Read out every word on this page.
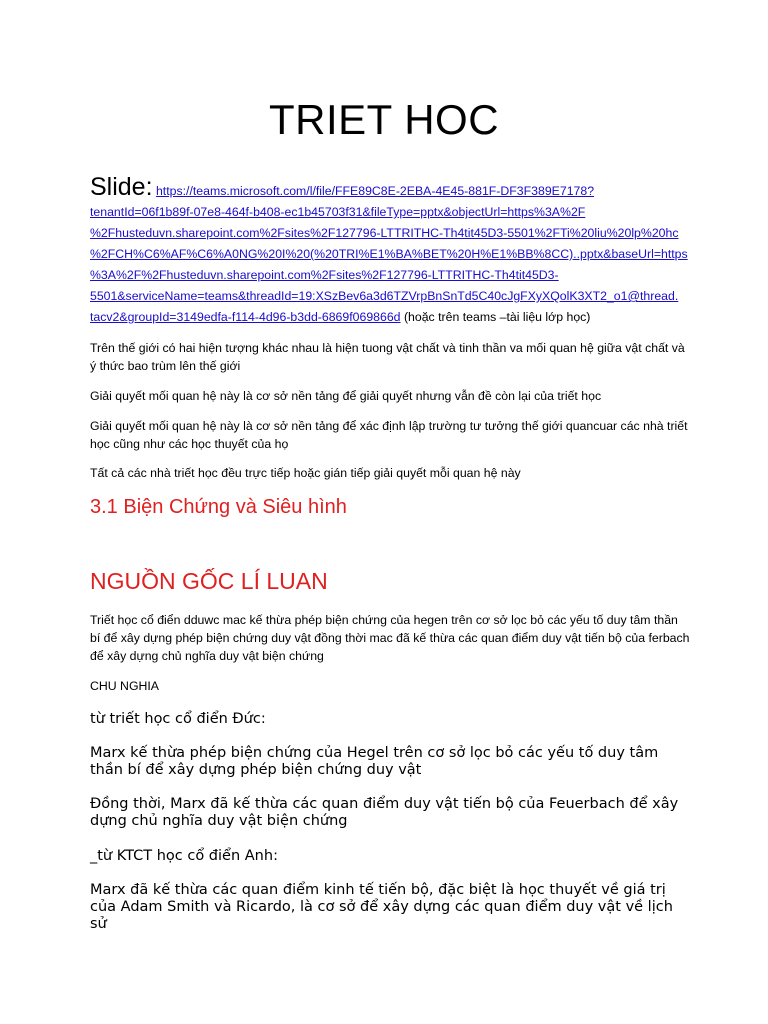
TRIET HOC
Slide: https://teams.microsoft.com/l/file/FFE89C8E-2EBA-4E45-881F-DF3F389E7178?
tenantId=06f1b89f-07e8-464f-b408-ec1b45703f31&fileType=pptx&objectUrl=https%3A%2F
%2Fhusteduvn.sharepoint.com%2Fsites%2F127796-LTTRITHC-Th4tit45D3-5501%2FTi%20liu%20lp%20hc
%2FCH%C6%AF%C6%A0NG%20I%20(%20TRI%E1%BA%BET%20H%E1%BB%8CC)..pptx&baseUrl=https
%3A%2F%2Fhusteduvn.sharepoint.com%2Fsites%2F127796-LTTRITHC-Th4tit45D3-
5501&serviceName=teams&threadId=19:XSzBev6a3d6TZVrpBnSnTd5C40cJgFXyXQolK3XT2_o1@thread.
tacv2&groupId=3149edfa-f114-4d96-b3dd-6869f069866d (hoặc trên teams –tài liệu lớp học)
Trên thế giới có hai hiện tượng khác nhau là hiện tuong vật chất và tinh thần va mối quan hệ giữa vật chất và ý thức bao trùm lên thế giới
Giải quyết mối quan hệ này là cơ sở nền tảng để giải quyết nhưng vẫn đề còn lại của triết học
Giải quyết mối quan hệ này là cơ sở nền tảng để xác định lập trường tư tưởng thế giới quancuar các nhà triết học cũng như các học thuyết của họ
Tất cả các nhà triết học đều trực tiếp hoặc gián tiếp giải quyết mỗi quan hệ này
3.1 Biện Chứng và Siêu hình
NGUỒN GỐC LÍ LUAN
Triết học cổ điển dduwc mac kế thừa phép biện chứng của hegen trên cơ sở lọc bỏ các yếu tố duy tâm thần bí để xây dựng phép biện chứng duy vật đồng thời mac đã kế thừa các quan điểm duy vật tiến bộ của ferbach để xây dựng chủ nghĩa duy vật biện chứng
CHU NGHIA
từ triết học cổ điển Đức:
Marx kế thừa phép biện chứng của Hegel trên cơ sở lọc bỏ các yếu tố duy tâm thần bí để xây dựng phép biện chứng duy vật
Đồng thời, Marx đã kế thừa các quan điểm duy vật tiến bộ của Feuerbach để xây dựng chủ nghĩa duy vật biện chứng
_từ KTCT học cổ điển Anh:
Marx đã kế thừa các quan điểm kinh tế tiến bộ, đặc biệt là học thuyết về giá trị của Adam Smith và Ricardo, là cơ sở để xây dựng các quan điểm duy vật về lịch sử
